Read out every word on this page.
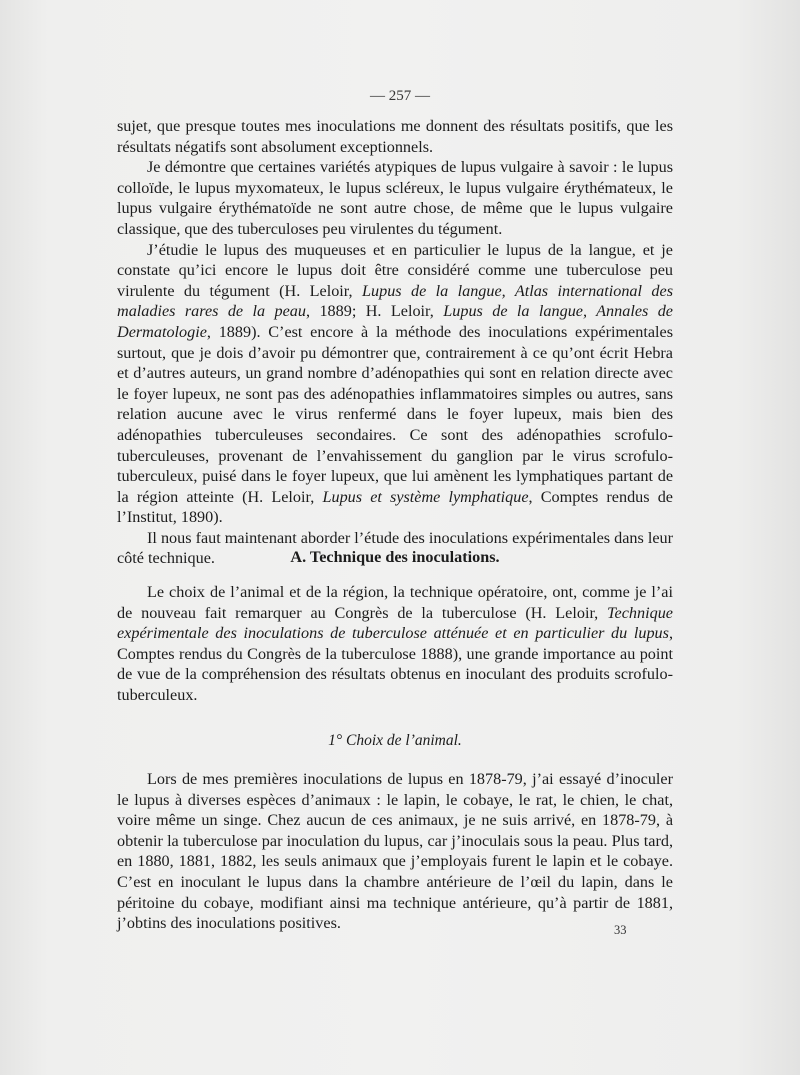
— 257 —

sujet, que presque toutes mes inoculations me donnent des résultats positifs, que les résultats négatifs sont absolument exceptionnels.

Je démontre que certaines variétés atypiques de lupus vulgaire à savoir : le lupus colloïde, le lupus myxomateux, le lupus scléreux, le lupus vulgaire érythémateux, le lupus vulgaire érythématoïde ne sont autre chose, de même que le lupus vulgaire classique, que des tuberculoses peu virulentes du tégument.

J’étudie le lupus des muqueuses et en particulier le lupus de la langue, et je constate qu’ici encore le lupus doit être considéré comme une tuberculose peu virulente du tégument (H. Leloir, Lupus de la langue, Atlas international des maladies rares de la peau, 1889; H. Leloir, Lupus de la langue, Annales de Dermatologie, 1889). C’est encore à la méthode des inoculations expérimentales surtout, que je dois d’avoir pu démontrer que, contrairement à ce qu’ont écrit Hebra et d’autres auteurs, un grand nombre d’adénopathies qui sont en relation directe avec le foyer lupeux, ne sont pas des adénopathies inflammatoires simples ou autres, sans relation aucune avec le virus renfermé dans le foyer lupeux, mais bien des adénopathies tuberculeuses secondaires. Ce sont des adénopathies scrofulo-tuberculeuses, provenant de l’envahissement du ganglion par le virus scrofulo-tuberculeux, puisé dans le foyer lupeux, que lui amènent les lymphatiques partant de la région atteinte (H. Leloir, Lupus et système lymphatique, Comptes rendus de l’Institut, 1890).

Il nous faut maintenant aborder l’étude des inoculations expérimentales dans leur côté technique.	A. Technique des inoculations.

Le choix de l’animal et de la région, la technique opératoire, ont, comme je l’ai de nouveau fait remarquer au Congrès de la tuberculose (H. Leloir, Technique expérimentale des inoculations de tuberculose atténuée et en particulier du lupus, Comptes rendus du Congrès de la tuberculose 1888), une grande importance au point de vue de la compréhension des résultats obtenus en inoculant des produits scrofulo-tuberculeux.

1° Choix de l’animal.

Lors de mes premières inoculations de lupus en 1878-79, j’ai essayé d’inoculer le lupus à diverses espèces d’animaux : le lapin, le cobaye, le rat, le chien, le chat, voire même un singe. Chez aucun de ces animaux, je ne suis arrivé, en 1878-79, à obtenir la tuberculose par inoculation du lupus, car j’inoculais sous la peau. Plus tard, en 1880, 1881, 1882, les seuls animaux que j’employais furent le lapin et le cobaye. C’est en inoculant le lupus dans la chambre antérieure de l’œil du lapin, dans le péritoine du cobaye, modifiant ainsi ma technique antérieure, qu’à partir de 1881, j’obtins des inoculations positives.	33
